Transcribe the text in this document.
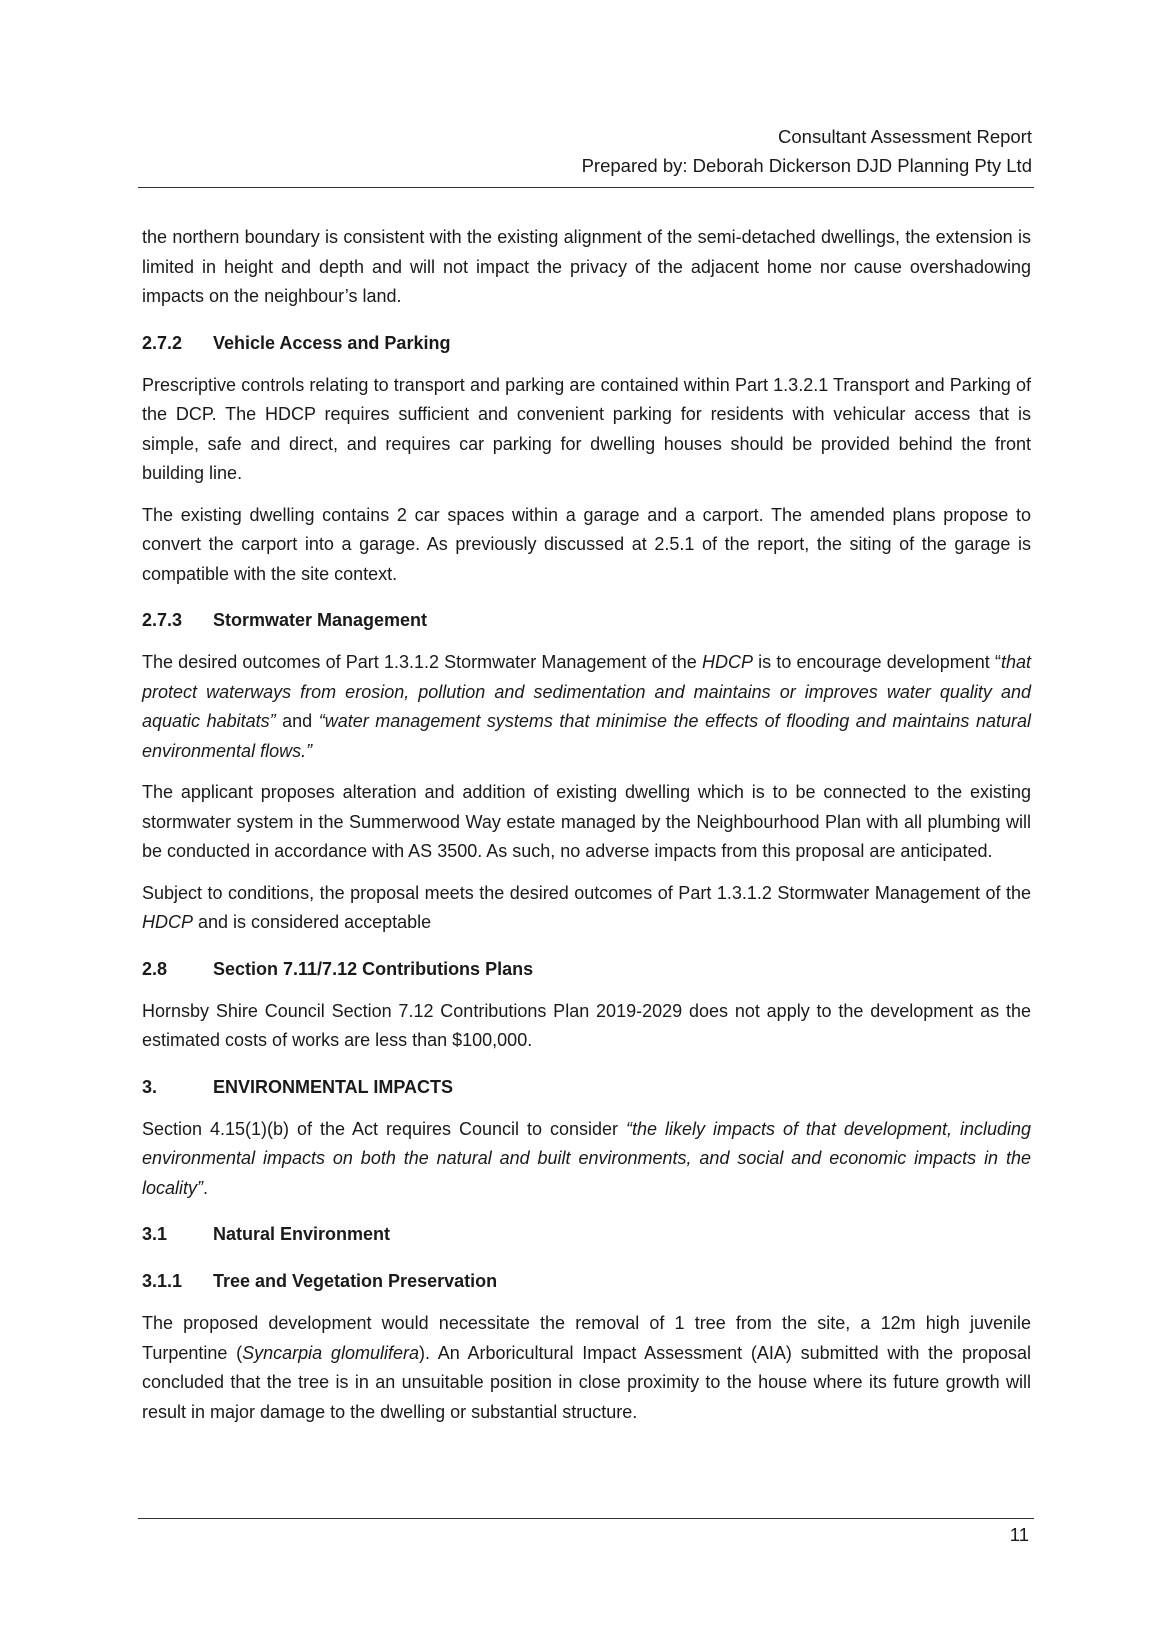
Consultant Assessment Report
Prepared by: Deborah Dickerson DJD Planning Pty Ltd

the northern boundary is consistent with the existing alignment of the semi-detached dwellings, the extension is limited in height and depth and will not impact the privacy of the adjacent home nor cause overshadowing impacts on the neighbour’s land.

2.7.2 Vehicle Access and Parking

Prescriptive controls relating to transport and parking are contained within Part 1.3.2.1 Transport and Parking of the DCP. The HDCP requires sufficient and convenient parking for residents with vehicular access that is simple, safe and direct, and requires car parking for dwelling houses should be provided behind the front building line.

The existing dwelling contains 2 car spaces within a garage and a carport. The amended plans propose to convert the carport into a garage. As previously discussed at 2.5.1 of the report, the siting of the garage is compatible with the site context.

2.7.3 Stormwater Management

The desired outcomes of Part 1.3.1.2 Stormwater Management of the HDCP is to encourage development “that protect waterways from erosion, pollution and sedimentation and maintains or improves water quality and aquatic habitats” and “water management systems that minimise the effects of flooding and maintains natural environmental flows.”

The applicant proposes alteration and addition of existing dwelling which is to be connected to the existing stormwater system in the Summerwood Way estate managed by the Neighbourhood Plan with all plumbing will be conducted in accordance with AS 3500. As such, no adverse impacts from this proposal are anticipated.

Subject to conditions, the proposal meets the desired outcomes of Part 1.3.1.2 Stormwater Management of the HDCP and is considered acceptable

2.8	Section 7.11/7.12 Contributions Plans

Hornsby Shire Council Section 7.12 Contributions Plan 2019-2029 does not apply to the development as the estimated costs of works are less than $100,000.

3.	ENVIRONMENTAL IMPACTS

Section 4.15(1)(b) of the Act requires Council to consider “the likely impacts of that development, including environmental impacts on both the natural and built environments, and social and economic impacts in the locality”.

3.1	Natural Environment
3.1.1 Tree and Vegetation Preservation

The proposed development would necessitate the removal of 1 tree from the site, a 12m high juvenile Turpentine (Syncarpia glomulifera). An Arboricultural Impact Assessment (AIA) submitted with the proposal concluded that the tree is in an unsuitable position in close proximity to the house where its future growth will result in major damage to the dwelling or substantial structure.

11
